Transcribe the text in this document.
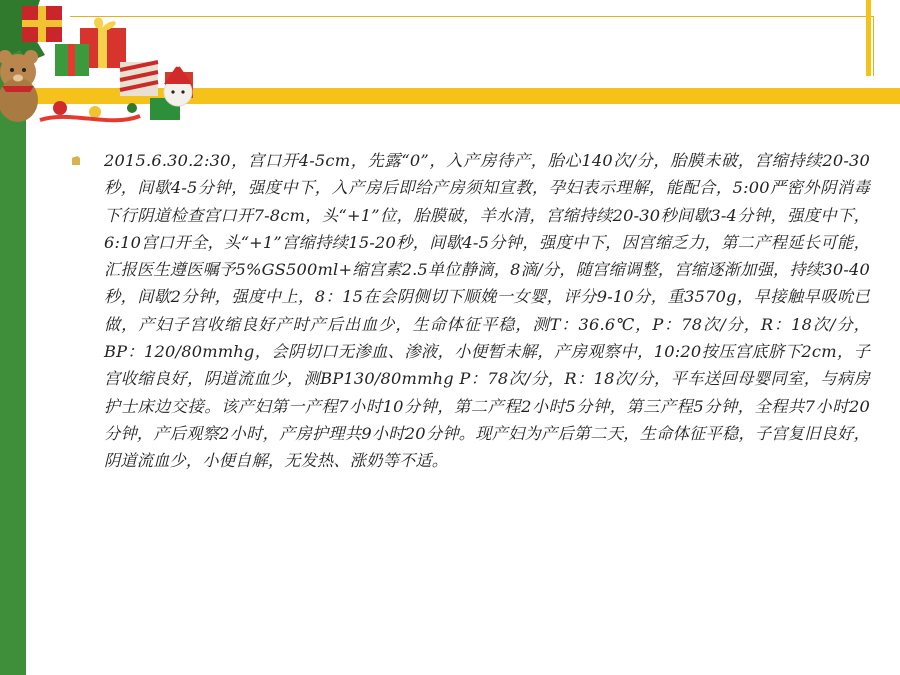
2015.6.30.2:30，宫口开4-5cm，先露“0”，入产房待产，胎心140次/分，胎膜未破，宫缩持续20-30秒，间歇4-5分钟，强度中下，入产房后即给产房须知宣教，孕妇表示理解，能配合，5:00严密外阴消毒下行阴道检查宫口开7-8cm，头“+1”位，胎膜破，羊水清，宫缩持续20-30秒间歇3-4分钟，强度中下，6:10宫口开全，头“+1”宫缩持续15-20秒，间歇4-5分钟，强度中下，因宫缩乏力，第二产程延长可能，汇报医生遵医嘱予5%GS500ml+缩宫素2.5单位静滴，8滴/分，随宫缩调整，宫缩逐渐加强，持续30-40秒，间歇2分钟，强度中上，8：15在会阴侧切下顺娩一女婴，评分9-10分，重3570g，早接触早吸吮已做，产妇子宫收缩良好产时产后出血少，生命体征平稳，测T：36.6℃，P：78次/分，R：18次/分，BP：120/80mmhg，会阴切口无渗血、渗液，小便暂未解，产房观察中，10:20按压宫底脐下2cm，子宫收缩良好，阴道流血少，测BP130/80mmhg P：78次/分，R：18次/分，平车送回母婴同室，与病房护士床边交接。该产妇第一产程7小时10分钟，第二产程2小时5分钟，第三产程5分钟，全程共7小时20分钟，产后观察2小时，产房护理共9小时20分钟。现产妇为产后第二天，生命体征平稳，子宫复旧良好，阴道流血少，小便自解，无发热、涨奶等不适。
